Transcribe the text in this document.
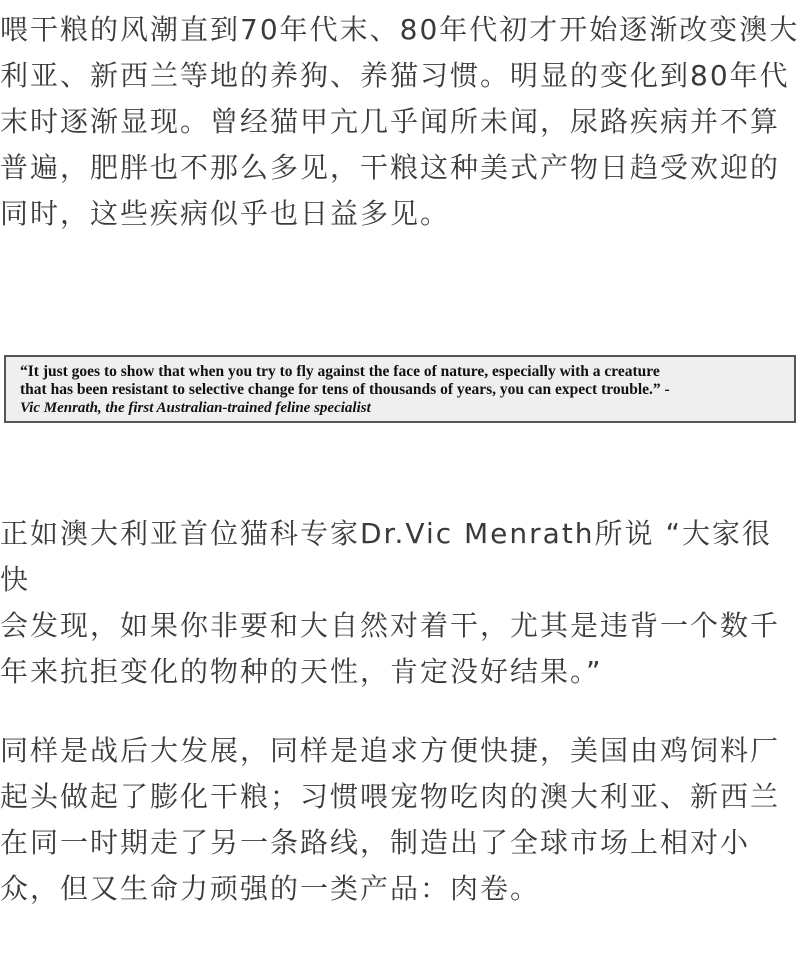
喂干粮的风潮直到70年代末、80年代初才开始逐渐改变澳大
利亚、新西兰等地的养狗、养猫习惯。明显的变化到80年代
末时逐渐显现。曾经猫甲亢几乎闻所未闻，尿路疾病并不算
普遍，肥胖也不那么多见，干粮这种美式产物日趋受欢迎的
同时，这些疾病似乎也日益多见。

“It just goes to show that when you try to fly against the face of nature, especially with a creature
that has been resistant to selective change for tens of thousands of years, you can expect trouble.” -
Vic Menrath, the first Australian-trained feline specialist

正如澳大利亚首位猫科专家Dr.Vic Menrath所说 “大家很快
会发现，如果你非要和大自然对着干，尤其是违背一个数千
年来抗拒变化的物种的天性，肯定没好结果。”

同样是战后大发展，同样是追求方便快捷，美国由鸡饲料厂
起头做起了膨化干粮；习惯喂宠物吃肉的澳大利亚、新西兰
在同一时期走了另一条路线，制造出了全球市场上相对小
众，但又生命力顽强的一类产品：肉卷。
